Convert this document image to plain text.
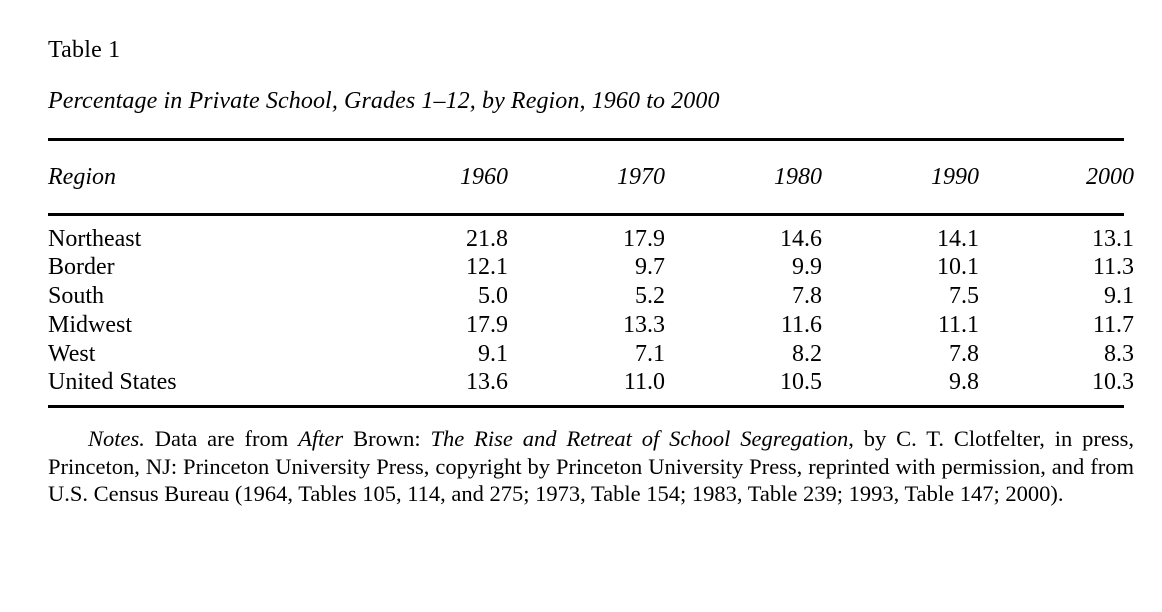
Table 1
Percentage in Private School, Grades 1–12, by Region, 1960 to 2000
Region	1960	1970	1980	1990	2000
Northeast	21.8	17.9	14.6	14.1	13.1
Border	12.1	9.7	9.9	10.1	11.3
South	5.0	5.2	7.8	7.5	9.1
Midwest	17.9	13.3	11.6	11.1	11.7
West	9.1	7.1	8.2	7.8	8.3
United States	13.6	11.0	10.5	9.8	10.3
Notes. Data are from After Brown: The Rise and Retreat of School Segregation, by C. T. Clotfelter, in press, Princeton, NJ: Princeton University Press, copyright by Princeton University Press, reprinted with permission, and from U.S. Census Bureau (1964, Tables 105, 114, and 275; 1973, Table 154; 1983, Table 239; 1993, Table 147; 2000).
